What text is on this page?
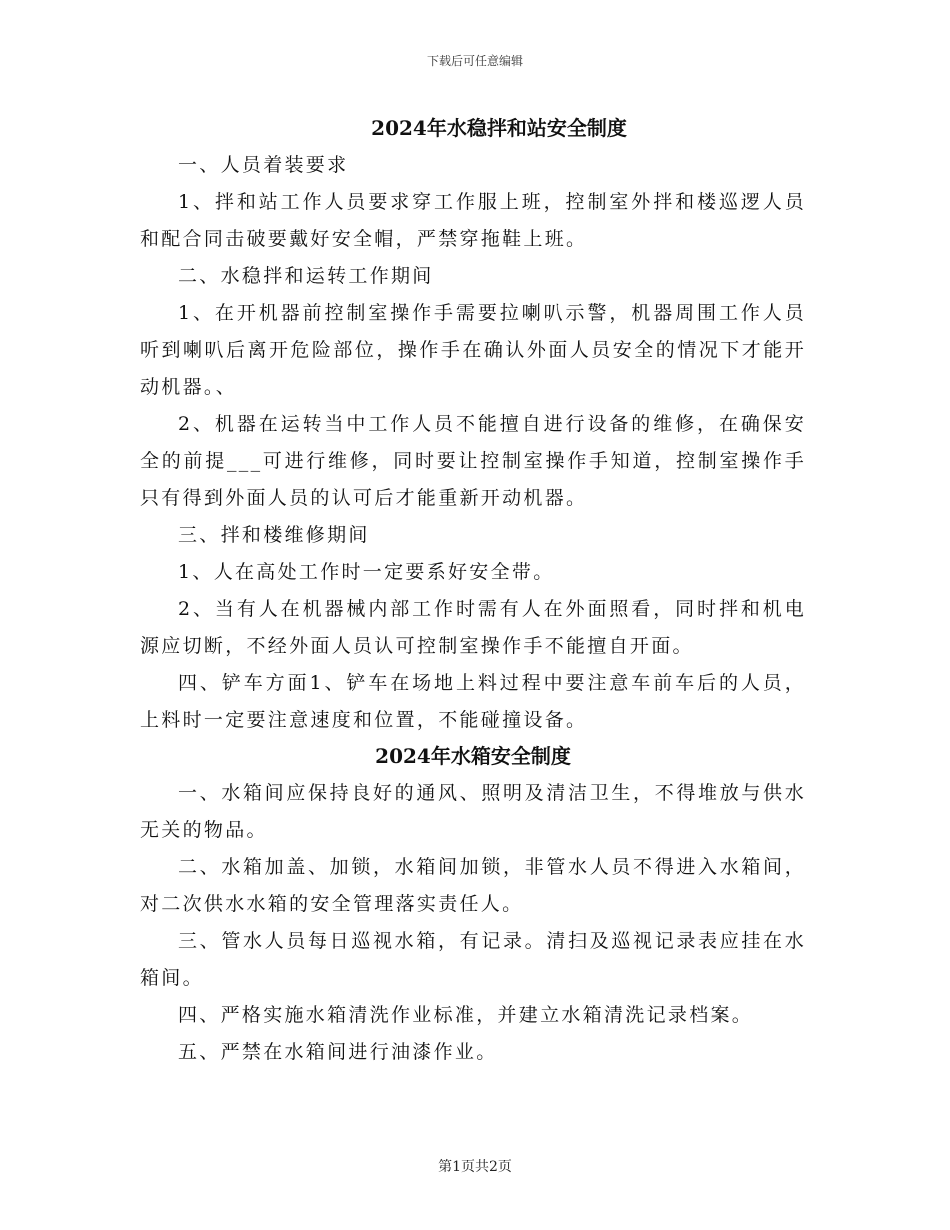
下载后可任意编辑
2024年水稳拌和站安全制度

一、人员着装要求

1、拌和站工作人员要求穿工作服上班，控制室外拌和楼巡逻人员和配合同击破要戴好安全帽，严禁穿拖鞋上班。

二、水稳拌和运转工作期间

1、在开机器前控制室操作手需要拉喇叭示警，机器周围工作人员听到喇叭后离开危险部位，操作手在确认外面人员安全的情况下才能开动机器。、

2、机器在运转当中工作人员不能擅自进行设备的维修，在确保安全的前提___可进行维修，同时要让控制室操作手知道，控制室操作手只有得到外面人员的认可后才能重新开动机器。

三、拌和楼维修期间

1、人在高处工作时一定要系好安全带。

2、当有人在机器械内部工作时需有人在外面照看，同时拌和机电源应切断，不经外面人员认可控制室操作手不能擅自开面。

四、铲车方面1、铲车在场地上料过程中要注意车前车后的人员，上料时一定要注意速度和位置，不能碰撞设备。

2024年水箱安全制度

一、水箱间应保持良好的通风、照明及清洁卫生，不得堆放与供水无关的物品。

二、水箱加盖、加锁，水箱间加锁，非管水人员不得进入水箱间，对二次供水水箱的安全管理落实责任人。

三、管水人员每日巡视水箱，有记录。清扫及巡视记录表应挂在水箱间。

四、严格实施水箱清洗作业标准，并建立水箱清洗记录档案。

五、严禁在水箱间进行油漆作业。

第1页共2页
